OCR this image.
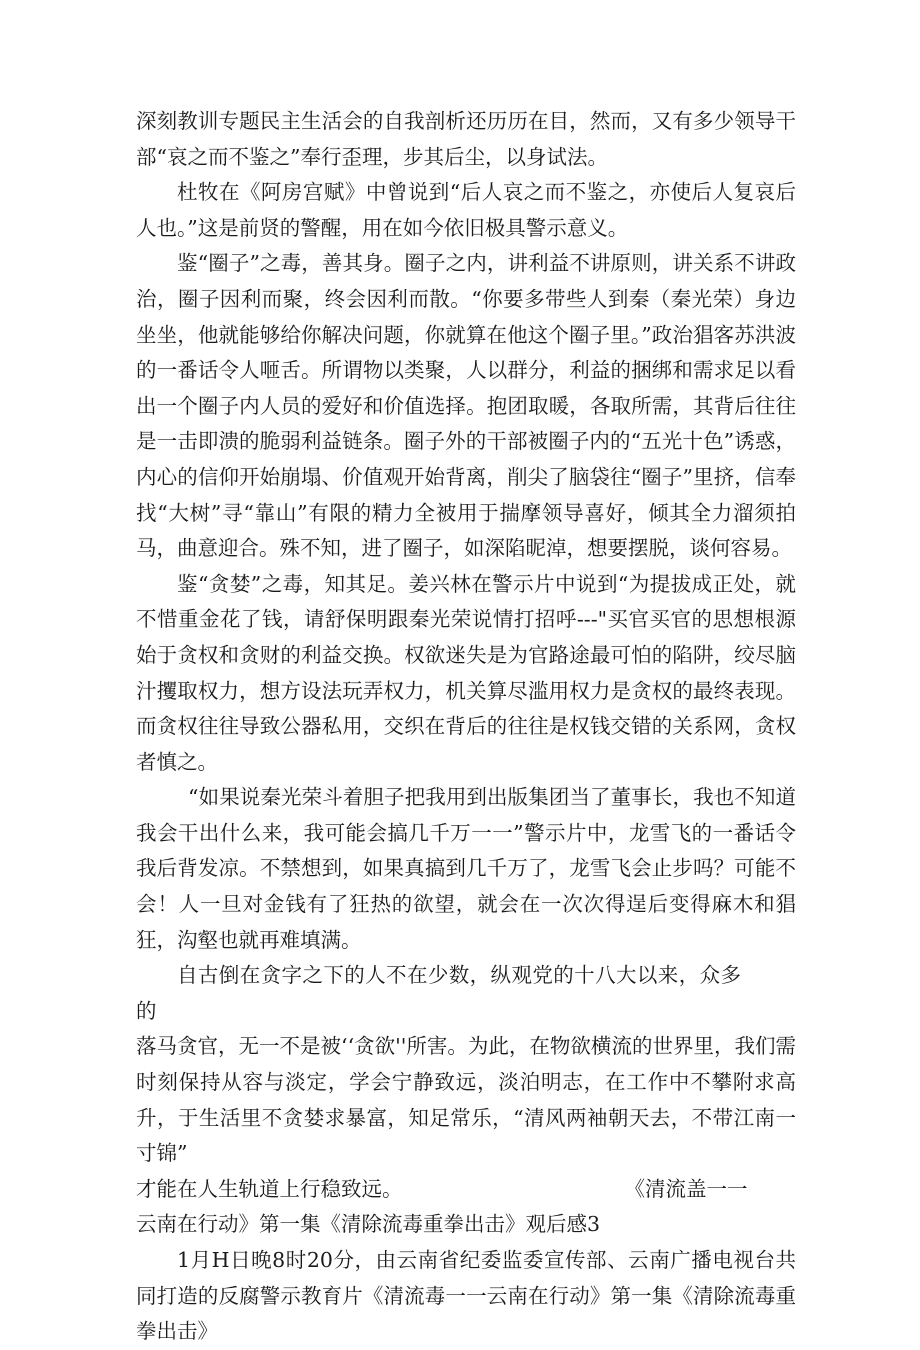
深刻教训专题民主生活会的自我剖析还历历在目，然而，又有多少领导干部“哀之而不鉴之”奉行歪理，步其后尘，以身试法。

杜牧在《阿房宫赋》中曾说到“后人哀之而不鉴之，亦使后人复哀后人也。”这是前贤的警醒，用在如今依旧极具警示意义。

鉴“圈子”之毒，善其身。圈子之内，讲利益不讲原则，讲关系不讲政治，圈子因利而聚，终会因利而散。“你要多带些人到秦（秦光荣）身边坐坐，他就能够给你解决问题，你就算在他这个圈子里。”政治猖客苏洪波的一番话令人咂舌。所谓物以类聚，人以群分，利益的捆绑和需求足以看出一个圈子内人员的爱好和价值选择。抱团取暖，各取所需，其背后往往是一击即溃的脆弱利益链条。圈子外的干部被圈子内的“五光十色”诱惑，内心的信仰开始崩塌、价值观开始背离，削尖了脑袋往“圈子”里挤，信奉找“大树”寻“靠山”有限的精力全被用于揣摩领导喜好，倾其全力溜须拍马，曲意迎合。殊不知，进了圈子，如深陷昵淖，想要摆脱，谈何容易。

鉴“贪婪”之毒，知其足。姜兴林在警示片中说到“为提拔成正处，就不惜重金花了钱，请舒保明跟秦光荣说情打招呼---"买官买官的思想根源始于贪权和贪财的利益交换。权欲迷失是为官路途最可怕的陷阱，绞尽脑汁攫取权力，想方设法玩弄权力，机关算尽滥用权力是贪权的最终表现。而贪权往往导致公器私用，交织在背后的往往是权钱交错的关系网，贪权者慎之。

“如果说秦光荣斗着胆子把我用到出版集团当了董事长，我也不知道我会干出什么来，我可能会搞几千万一一”警示片中，龙雪飞的一番话令我后背发凉。不禁想到，如果真搞到几千万了，龙雪飞会止步吗？可能不会！人一旦对金钱有了狂热的欲望，就会在一次次得逞后变得麻木和猖狂，沟壑也就再难填满。

自古倒在贪字之下的人不在少数，纵观党的十八大以来，众多的

落马贪官，无一不是被‘‘贪欲''所害。为此，在物欲横流的世界里，我们需时刻保持从容与淡定，学会宁静致远，淡泊明志，在工作中不攀附求高升，于生活里不贪婪求暴富，知足常乐，“清风两袖朝天去，不带江南一寸锦”

才能在人生轨道上行稳致远。	《清流盖一一

云南在行动》第一集《清除流毒重拳出击》观后感3

1月H日晚8时20分，由云南省纪委监委宣传部、云南广播电视台共同打造的反腐警示教育片《清流毒一一云南在行动》第一集《清除流毒重拳出击》
